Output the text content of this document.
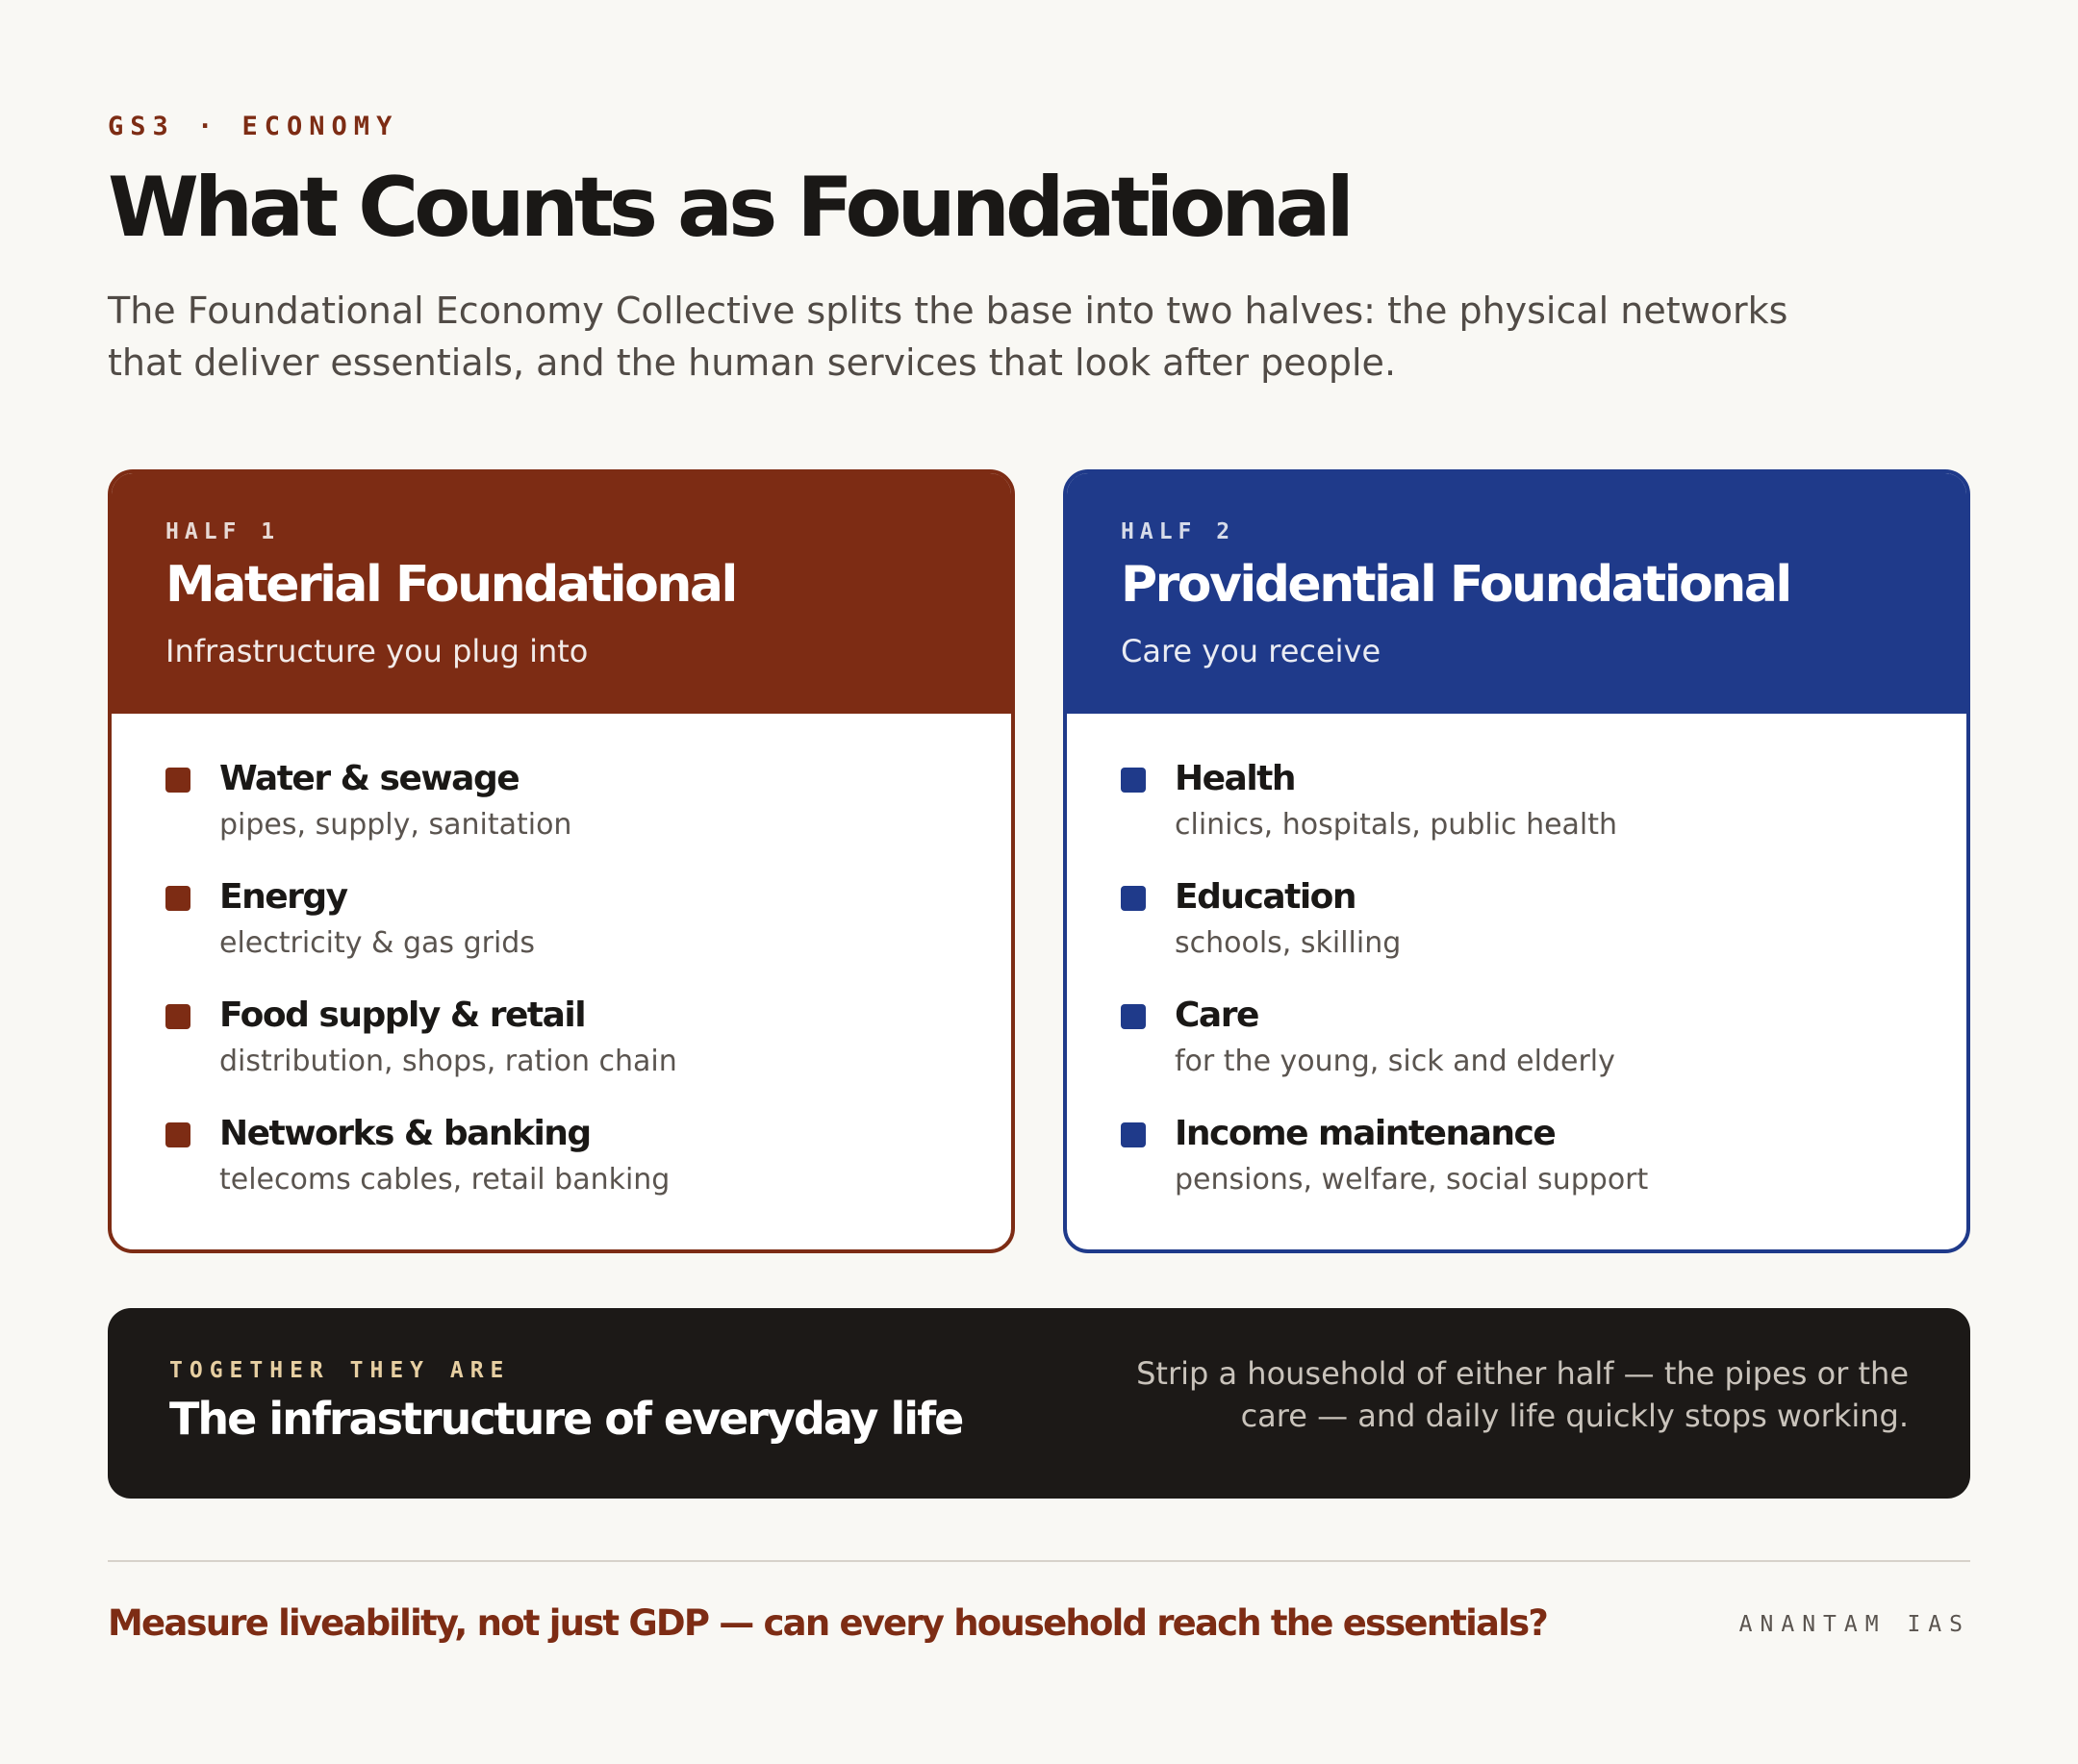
GS3 · ECONOMY
What Counts as Foundational

The Foundational Economy Collective splits the base into two halves: the physical networks that deliver essentials, and the human services that look after people.

HALF 1
Material Foundational
Infrastructure you plug into
Water & sewage
pipes, supply, sanitation
Energy
electricity & gas grids
Food supply & retail
distribution, shops, ration chain
Networks & banking
telecoms cables, retail banking
HALF 2
Providential Foundational
Care you receive
Health
clinics, hospitals, public health
Education
schools, skilling
Care
for the young, sick and elderly
Income maintenance
pensions, welfare, social support
TOGETHER THEY ARE
The infrastructure of everyday life
Strip a household of either half — the pipes or the care — and daily life quickly stops working.
Measure liveability, not just GDP — can every household reach the essentials?	ANANTAM IAS
